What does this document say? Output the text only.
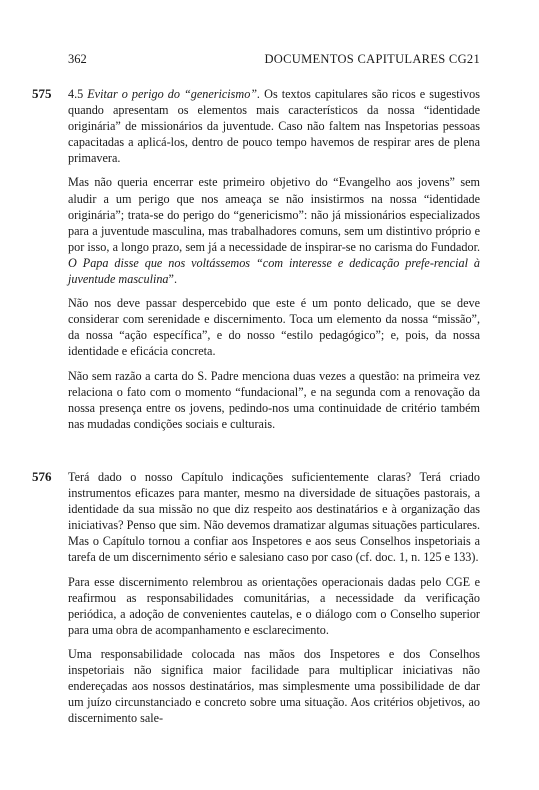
362	DOCUMENTOS CAPITULARES CG21
575 4.5 Evitar o perigo do “genericismo”. Os textos capitulares são ricos e sugestivos quando apresentam os elementos mais característicos da nossa “identidade originária” de missionários da juventude. Caso não faltem nas Inspetorias pessoas capacitadas a aplicá-los, dentro de pouco tempo havemos de respirar ares de plena primavera.

Mas não queria encerrar este primeiro objetivo do “Evangelho aos jovens” sem aludir a um perigo que nos ameaça se não insistirmos na nossa “identidade originária”; trata-se do perigo do “genericismo”: não já missionários especializados para a juventude masculina, mas trabalhadores comuns, sem um distintivo próprio e por isso, a longo prazo, sem já a necessidade de inspirar-se no carisma do Fundador. O Papa disse que nos voltássemos “com interesse e dedicação prefe-rencial à juventude masculina”.

Não nos deve passar despercebido que este é um ponto delicado, que se deve considerar com serenidade e discernimento. Toca um elemento da nossa “missão”, da nossa “ação específica”, e do nosso “estilo pedagógico”; e, pois, da nossa identidade e eficácia concreta.

Não sem razão a carta do S. Padre menciona duas vezes a questão: na primeira vez relaciona o fato com o momento “fundacional”, e na segunda com a renovação da nossa presença entre os jovens, pedindo-nos uma continuidade de critério também nas mudadas condições sociais e culturais.

576 Terá dado o nosso Capítulo indicações suficientemente claras? Terá criado instrumentos eficazes para manter, mesmo na diversidade de situações pastorais, a identidade da sua missão no que diz respeito aos destinatários e à organização das iniciativas? Penso que sim. Não devemos dramatizar algumas situações particulares. Mas o Capítulo tornou a confiar aos Inspetores e aos seus Conselhos inspetoriais a tarefa de um discernimento sério e salesiano caso por caso (cf. doc. 1, n. 125 e 133).

Para esse discernimento relembrou as orientações operacionais dadas pelo CGE e reafirmou as responsabilidades comunitárias, a necessidade da verificação periódica, a adoção de convenientes cautelas, e o diálogo com o Conselho superior para uma obra de acompanhamento e esclarecimento.

Uma responsabilidade colocada nas mãos dos Inspetores e dos Conselhos inspetoriais não significa maior facilidade para multiplicar iniciativas não endereçadas aos nossos destinatários, mas simplesmente uma possibilidade de dar um juízo circunstanciado e concreto sobre uma situação. Aos critérios objetivos, ao discernimento sale-
